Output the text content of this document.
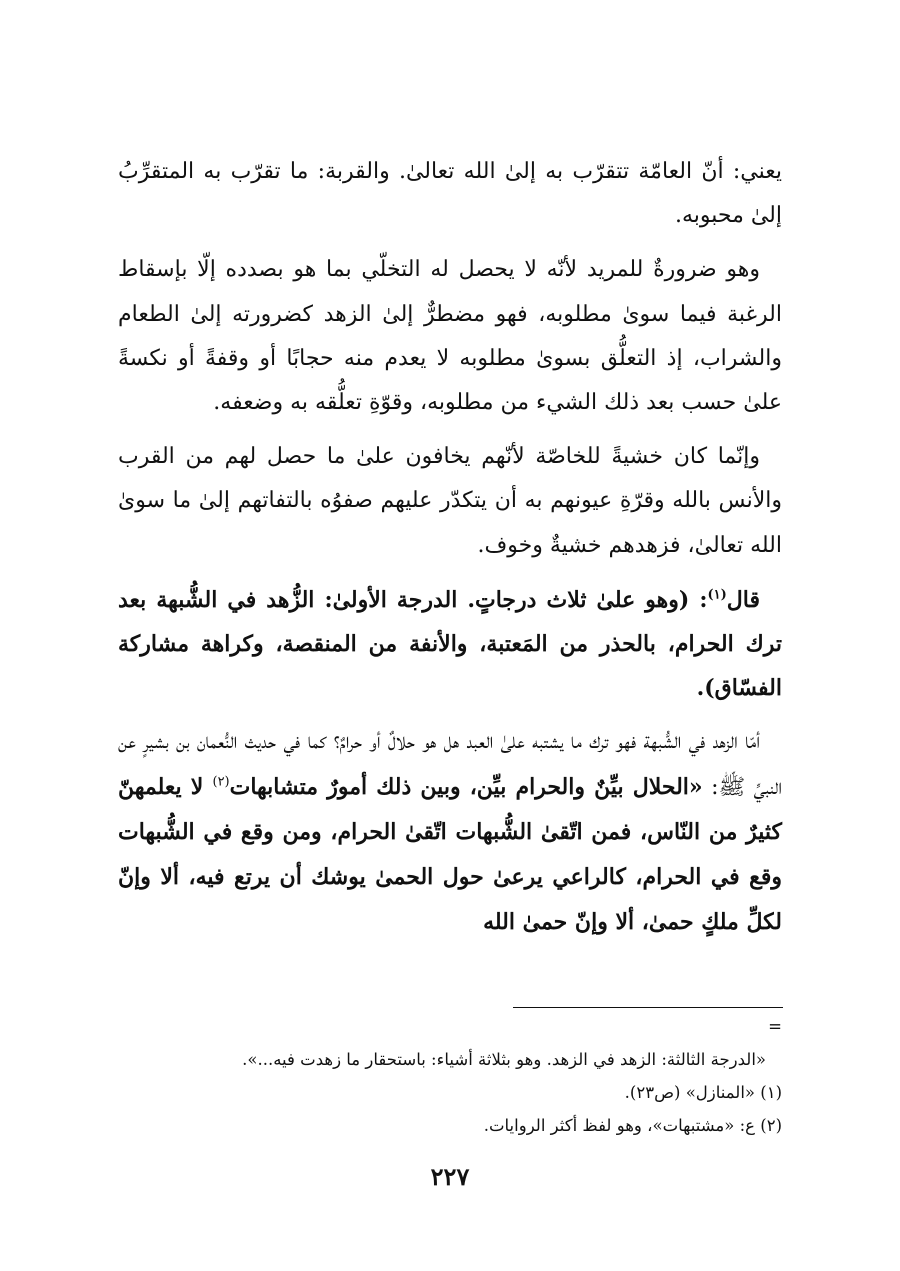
يعني: أنّ العامّة تتقرّب به إلىٰ الله تعالىٰ. والقربة: ما تقرّب به المتقرِّبُ إلىٰ محبوبه.

وهو ضرورةٌ للمريد لأنّه لا يحصل له التخلّي بما هو بصدده إلّا بإسقاط الرغبة فيما سوىٰ مطلوبه، فهو مضطرٌّ إلىٰ الزهد كضرورته إلىٰ الطعام والشراب، إذ التعلُّق بسوىٰ مطلوبه لا يعدم منه حجابًا أو وقفةً أو نكسةً علىٰ حسب بعد ذلك الشيء من مطلوبه، وقوّةِ تعلُّقه به وضعفه.

وإنّما كان خشيةً للخاصّة لأنّهم يخافون علىٰ ما حصل لهم من القرب والأنس بالله وقرّةِ عيونهم به أن يتكدّر عليهم صفوُه بالتفاتهم إلىٰ ما سوىٰ الله تعالىٰ، فزهدهم خشيةٌ وخوف.

قال$^{(١)}$: (وهو علىٰ ثلاث درجاتٍ. الدرجة الأولىٰ: الزُّهد في الشُّبهة بعد ترك الحرام، بالحذر من المَعتبة، والأنفة من المنقصة، وكراهة مشاركة الفسّاق).

أمّا الزهد في الشُّبهة فهو ترك ما يشتبه علىٰ العبد هل هو حلالٌ أو حرامٌ؟ كما في حديث النُّعمان بن بشيرٍ عن النبيِّ ﷺ: «الحلال بيِّنٌ والحرام بيِّن، وبين ذلك أمورٌ متشابهات$^{(٢)}$ لا يعلمهنّ كثيرٌ من النّاس، فمن اتّقىٰ الشُّبهات اتّقىٰ الحرام، ومن وقع في الشُّبهات وقع في الحرام، كالراعي يرعىٰ حول الحمىٰ يوشك أن يرتع فيه، ألا وإنّ لكلِّ ملكٍ حمىٰ، ألا وإنّ حمىٰ الله

=

«الدرجة الثالثة: الزهد في الزهد. وهو بثلاثة أشياء: باستحقار ما زهدت فيه...».

(١) «المنازل» (ص٢٣).

(٢) ع: «مشتبهات»، وهو لفظ أكثر الروايات.

٢٢٧
